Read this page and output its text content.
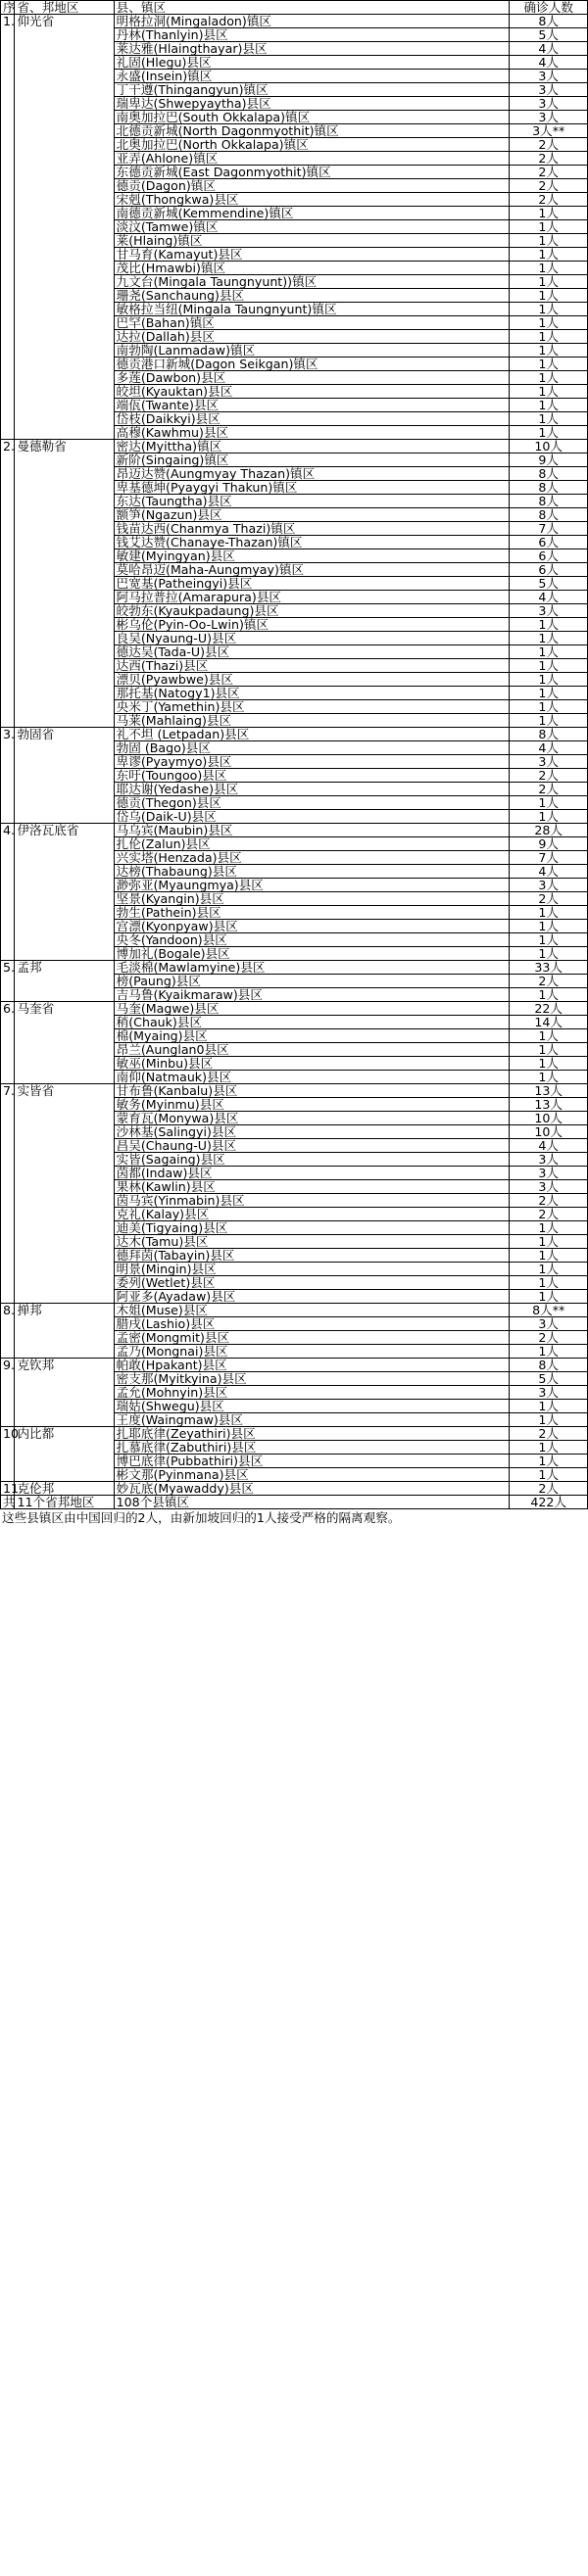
序	省、邦地区	县、镇区	确诊人数
1.	仰光省	明格拉洞(Mingaladon)镇区	8人
		丹林(Thanlyin)县区	5人
		莱达雅(Hlaingthayar)县区	4人
		礼固(Hlegu)县区	4人
		永盛(Insein)镇区	3人
		丁干遵(Thingangyun)镇区	3人
		瑞卑达(Shwepyaytha)县区	3人
		南奥加拉巴(South Okkalapa)镇区	3人
		北德贡新城(North Dagonmyothit)镇区	3人**
		北奥加拉巴(North Okkalapa)镇区	2人
		亚弄(Ahlone)镇区	2人
		东德贡新城(East Dagonmyothit)镇区	2人
		德贡(Dagon)镇区	2人
		宋剋(Thongkwa)县区	2人
		南德贡新城(Kemmendine)镇区	1人
		淡汶(Tamwe)镇区	1人
		莱(Hlaing)镇区	1人
		甘马育(Kamayut)县区	1人
		茂比(Hmawbi)镇区	1人
		九文台(Mingala Taungnyunt))镇区	1人
		珊尧(Sanchaung)县区	1人
		敏格拉当纽(Mingala Taungnyunt)镇区	1人
		巴罕(Bahan)镇区	1人
		达拉(Dallah)县区	1人
		南勃陶(Lanmadaw)镇区	1人
		德贡港口新城(Dagon Seikgan)镇区	1人
		多莲(Dawbon)县区	1人
		皎坦(Kyauktan)县区	1人
		端佤(Twante)县区	1人
		岱枝(Daikkyi)县区	1人
		高穆(Kawhmu)县区	1人
2.	曼德勒省	密达(Myittha)镇区	10人
		新阶(Singaing)镇区	9人
		昂迈达赞(Aungmyay Thazan)镇区	8人
		卑基德坤(Pyaygyi Thakun)镇区	8人
		东达(Taungtha)县区	8人
		额笋(Ngazun)县区	8人
		钱苗达西(Chanmya Thazi)镇区	7人
		钱艾达赞(Chanaye-Thazan)镇区	6人
		敏建(Myingyan)县区	6人
		莫哈昂迈(Maha-Aungmyay)镇区	6人
		巴宽基(Patheingyi)县区	5人
		阿马拉普拉(Amarapura)县区	4人
		皎勃东(Kyaukpadaung)县区	3人
		彬乌伦(Pyin-Oo-Lwin)镇区	1人
		良吴(Nyaung-U)县区	1人
		德达吴(Tada-U)县区	1人
		达西(Thazi)县区	1人
		漂贝(Pyawbwe)县区	1人
		那托基(Natogy1)县区	1人
		央米丁(Yamethin)县区	1人
		马莱(Mahlaing)县区	1人
3.	勃固省	礼不坦 (Letpadan)县区	8人
		勃固 (Bago)县区	4人
		卑谬(Pyaymyo)县区	3人
		东吁(Toungoo)县区	2人
		耶达谢(Yedashe)县区	2人
		德贡(Thegon)县区	1人
		岱乌(Daik-U)县区	1人
4.	伊洛瓦底省	马乌宾(Maubin)县区	28人
		扎伦(Zalun)县区	9人
		兴实塔(Henzada)县区	7人
		达榜(Thabaung)县区	4人
		渺弥亚(Myaungmya)县区	3人
		坚景(Kyangin)县区	2人
		勃生(Pathein)县区	1人
		宫漂(Kyonpyaw)县区	1人
		央冬(Yandoon)县区	1人
		博加礼(Bogale)县区	1人
5.	孟邦	毛淡棉(Mawlamyine)县区	33人
		榜(Paung)县区	2人
		吉马鲁(Kyaikmaraw)县区	1人
6.	马奎省	马奎(Magwe)县区	22人
		稍(Chauk)县区	14人
		棉(Myaing)县区	1人
		昂兰(Aunglan0县区	1人
		敏巫(Minbu)县区	1人
		南仰(Natmauk)县区	1人
7.	实皆省	甘布鲁(Kanbalu)县区	13人
		敏务(Myinmu)县区	13人
		蒙育瓦(Monywa)县区	10人
		沙林基(Salingyi)县区	10人
		昌吴(Chaung-U)县区	4人
		实皆(Sagaing)县区	3人
		茵都(Indaw)县区	3人
		果林(Kawlin)县区	3人
		茵马宾(Yinmabin)县区	2人
		克礼(Kalay)县区	2人
		迪美(Tigyaing)县区	1人
		达木(Tamu)县区	1人
		德拜茵(Tabayin)县区	1人
		明景(Mingin)县区	1人
		委列(Wetlet)县区	1人
		阿亚多(Ayadaw)县区	1人
8.	掸邦	木姐(Muse)县区	8人**
		腊戌(Lashio)县区	3人
		孟密(Mongmit)县区	2人
		孟乃(Mongnai)县区	1人
9.	克钦邦	帕敢(Hpakant)县区	8人
		密支那(Myitkyina)县区	5人
		孟允(Mohnyin)县区	3人
		瑞姑(Shwegu)县区	1人
		王度(Waingmaw)县区	1人
10.	内比都	扎耶底律(Zeyathiri)县区	2人
		扎慕底律(Zabuthiri)县区	1人
		博巴底律(Pubbathiri)县区	1人
		彬文那(Pyinmana)县区	1人
11.	克伦邦	妙瓦底(Myawaddy)县区	2人
共	11个省邦地区	108个县镇区	422人
这些县镇区由中国回归的2人，由新加坡回归的1人接受严格的隔离观察。
